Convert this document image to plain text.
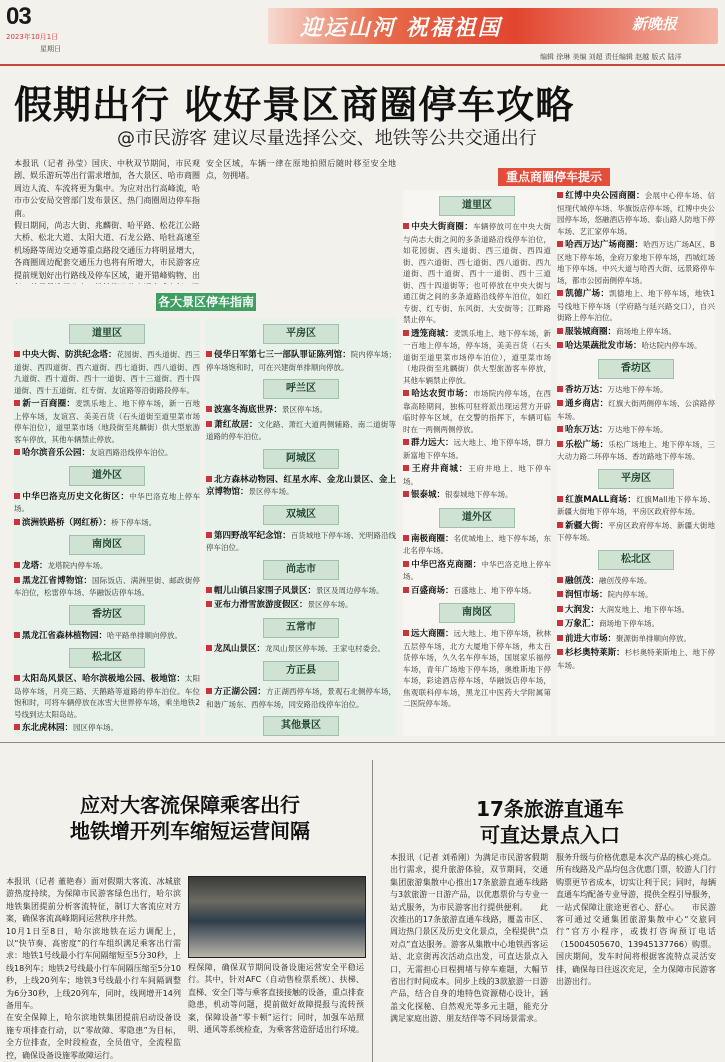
03
2023年10月1日
星期日
迎运山河 祝福祖国	新晚报
编辑 徐琳 美编 刘超 责任编辑 赵越 版式 陆洋
假期出行 收好景区商圈停车攻略
@市民游客 建议尽量选择公交、地铁等公共交通出行
本报讯（记者 孙莹）国庆、中秋双节期间，市民观剧、娱乐游玩等出行需求增加，各大景区、哈市商圈周边人流、车流将更为集中。为应对出行高峰流，哈市市公安局交管部门发布景区、热门商圈周边停车指南。
假日期间，尚志大街、兆麟街、哈平路、松花江公路大桥、松北大道、太阳大道、石龙公路、哈牡高速至机场路等周边交通等重点路段交通压力将明显增大，各商圈周边配套交通压力也将有所增大，市民游客应提前规划好出行路线及停车区域，避开错峰购物、出
安全区域，车辆一律在原地拍照后随时移至安全地点，勿拥堵。
各大景区停车指南
道里区
中央大街、防洪纪念塔：花园街、西头道街、西三道街、西四道街、西六道街、西七道街、西八道街、西九道街、西十道街、西十一道街、西十三道街、西十四道街、西十五道街、红专街、友谊路等沿街路段停车。
新一百商圈：麦凯乐地上、地下停车场，新一百地上停车场，友谊宫、美美百货（石头道街至道里菜市场停车泊位），道里菜市场（地段街至兆麟街）供大型旅游客车停放，其他车辆禁止停放。
哈尔滨音乐公园：友谊西路沿线停车泊位。
道外区
中华巴洛克历史文化街区：中华巴洛克地上停车场。
滨洲铁路桥（网红桥）：桥下停车场。
南岗区
龙塔：龙塔院内停车场。
黑龙江省博物馆：国际饭店、满洲里街、邮政街停车泊位，松雷停车场、华融饭店停车场。
香坊区
黑龙江省森林植物园：哈平路单排顺向停放。
松北区
太阳岛风景区、哈尔滨极地公园、极地馆：太阳岛停车场，月亮三路、天鹅路等道路的停车泊位。车位饱和时，可将车辆停放在冰雪大世界停车场，乘坐地铁2号线到达太阳岛站。
东北虎林园：园区停车场。
平房区
侵华日军第七三一部队罪证陈列馆：院内停车场；停车场饱和时，可在兴建街单排顺向停放。
呼兰区
波塞冬海底世界：景区停车场。
萧红故居：文化路、萧红大道两侧辅路、南二道街等道路的停车泊位。
阿城区
北方森林动物园、红星水库、金龙山景区、金上京博物馆：景区停车场。
双城区
第四野战军纪念馆：百货城地下停车场、光明路沿线停车泊位。
尚志市
帽儿山镇吕家围子风景区：景区及周边停车场。
亚布力滑雪旅游度假区：景区停车场。
五常市
龙凤山景区：龙凤山景区停车场、王家屯村委会。
方正县
方正湖公园：方正湖西停车场，景观石北侧停车场，和谐广场东、西停车场，同安路沿线停车泊位。
其他景区
重点商圈停车提示
道里区
中央大街商圈：车辆停放可在中央大街与尚志大街之间的多条道路沿线停车泊位，如花园街、西头道街、西三道街、西四道街、西六道街、西七道街、西八道街、西九道街、西十道街、西十一道街、西十三道街、西十四道街等；也可停放在中央大街与通江街之间的多条道路沿线停车泊位，如红专街、红专街、东风街、大安街等；江畔路禁止停车。
透笼商城：麦凯乐地上、地下停车场，新一百地上停车场，停车场，美美百货（石头道街至道里菜市场停车泊位），道里菜市场（地段街至兆麟街）供大型旅游客车停放，其他车辆禁止停放。
哈达农贸市场：市场院内停车场，在西靠高睦期间，独栋可驻将派出现运营方开辟临时停车区域，在交警的指挥下，车辆可临时在一两侧两侧停放。
群力远大：远大地上、地下停车场，群力新富地下停车场。
王府井商城：王府井地上、地下停车场。
银泰城：银泰城地下停车场。
道外区
南极商圈：名优城地上、地下停车场，东北名停车场。
中华巴洛克商圈：中华巴洛克地上停车场。
百盛商场：百盛地上、地下停车场。
南岗区
远大商圈：远大地上、地下停车场，秋林五层停车场，北方大厦地下停车场，弗太百货停车场，久久名车停车场，国展家乐福停车场，青年广场地下停车场，奥维斯地下停车场，彩途酒店停车场，华融饭店停车场，焦观联科停车场，黑龙江中医药大学附属第二医院停车场。
红博中央公园商圈：会展中心停车场、信恒现代城停车场、华旗饭店停车场，红博中央公园停车场，悠融酒店停车场、泰山路人防地下停车场、艺汇家停车场。
哈西万达广场商圈：哈西万达广场A区、B区地下停车场，金府万象地下停车场，西城红场地下停车场。中兴大道与哈西大街、远景路停车场，都市公园南侧停车场。
凯德广场：凯德地上、地下停车场，地铁1号线地下停车场（学府路与延兴路交口），自兴街路上停车泊位。
服装城商圈：商场地上停车场。
哈达果蔬批发市场：哈达院内停车场。
香坊区
香坊万达：万达地下停车场。
通乡商店：红旗大街两侧停车场、公滨路停车场。
哈东万达：万达地下停车场。
乐松广场：乐松广场地上、地下停车场，三大动力路二环停车场、香坊路地下停车场。
平房区
红旗MALL商场：红旗Mall地下停车场、新疆大街地下停车场，平房区政府停车场。
新疆大街：平房区政府停车场、新疆大街地下停车场。
松北区
融创茂：融创茂停车场。
润恒市场：院内停车场。
大润发：大润发地上、地下停车场。
万象汇：商场地下停车场。
前进大市场：聚源街单排顺向停放。
杉杉奥特莱斯：杉杉奥特莱斯地上、地下停车场。
应对大客流保障乘客出行
地铁增开列车缩短运营间隔
本报讯（记者 董艳春）面对假期大客流、冰城旅游热度持续，为保障市民游客绿色出行，哈尔滨地铁集团提前分析客流特征，制订大客流应对方案，确保客流高峰期间运营秩序井然。
10月1日至8日，哈尔滨地铁在运力调配上，以“快节奏、高密度”的行车组织满足乘客出行需求：地铁1号线最小行车间隔缩短至5分30秒，上线18列车；地铁2号线最小行车间隔压缩至5分10秒，上线20列车；地铁3号线最小行车间隔调整为6分30秒，上线20列车，同时，线网增开14列备用车。
在安全保障上，哈尔滨地铁集团提前启动设备设施专项排查行动，以“零故障、零隐患”为目标，全方位排查，全时段检查，全员值守，全流程监控，确保设备设施零故障运行。
程保障，确保双节期间设备设施运营安全平稳运行。其中，针对AFC（自动售检票系统）、扶梯、直梯、安全门等与乘客直接接触的设备，重点排查隐患，机动等问题，提前做好故障提报与流转预案，保障设备“零卡顿”运行；同时，加强车站照明、通风等系统检查，为乘客营造舒适出行环境。
17条旅游直通车
可直达景点入口
本报讯（记者 刘希刚）为满足市民游客假期出行需求，提升旅游体验，双节期间，交通集团旅游集散中心推出17条旅游直通车线路与3款旅游一日游产品，以优惠票价与专业一站式服务，为市民游客出行提供便利。　　此次推出的17条旅游直通车线路，覆盖市区、周边热门景区及历史文化景点，全程提供“点对点”直达服务。游客从集散中心地铁西客运站、北京街再次活动点出发，可直达景点入口，无需担心日程拥堵与停车难题，大幅节省出行时间成本。同步上线的3款旅游一日游产品，结合自身的地特色资源精心设计，涵盖文化探秘、自然观光等多元主题，能充分满足家庭出游、朋友结伴等不同场景需求。
服务升级与价格优惠是本次产品的核心亮点。所有线路及产品均包含优惠门票，较游人门行购票更节省成本，切实让利于民；同时，每辆直通车均配备专业导游，提供全程引导服务，一站式保障让旅途更省心、舒心。　　市民游客可通过交通集团旅游集散中心“交旅同行”官方小程序，或拨打咨询预订电话（15004505670、13945137766）购票。国庆期间，发车时间将根据客流特点灵活安排，确保每日往返次充足，全力保障市民游客出游出行。
